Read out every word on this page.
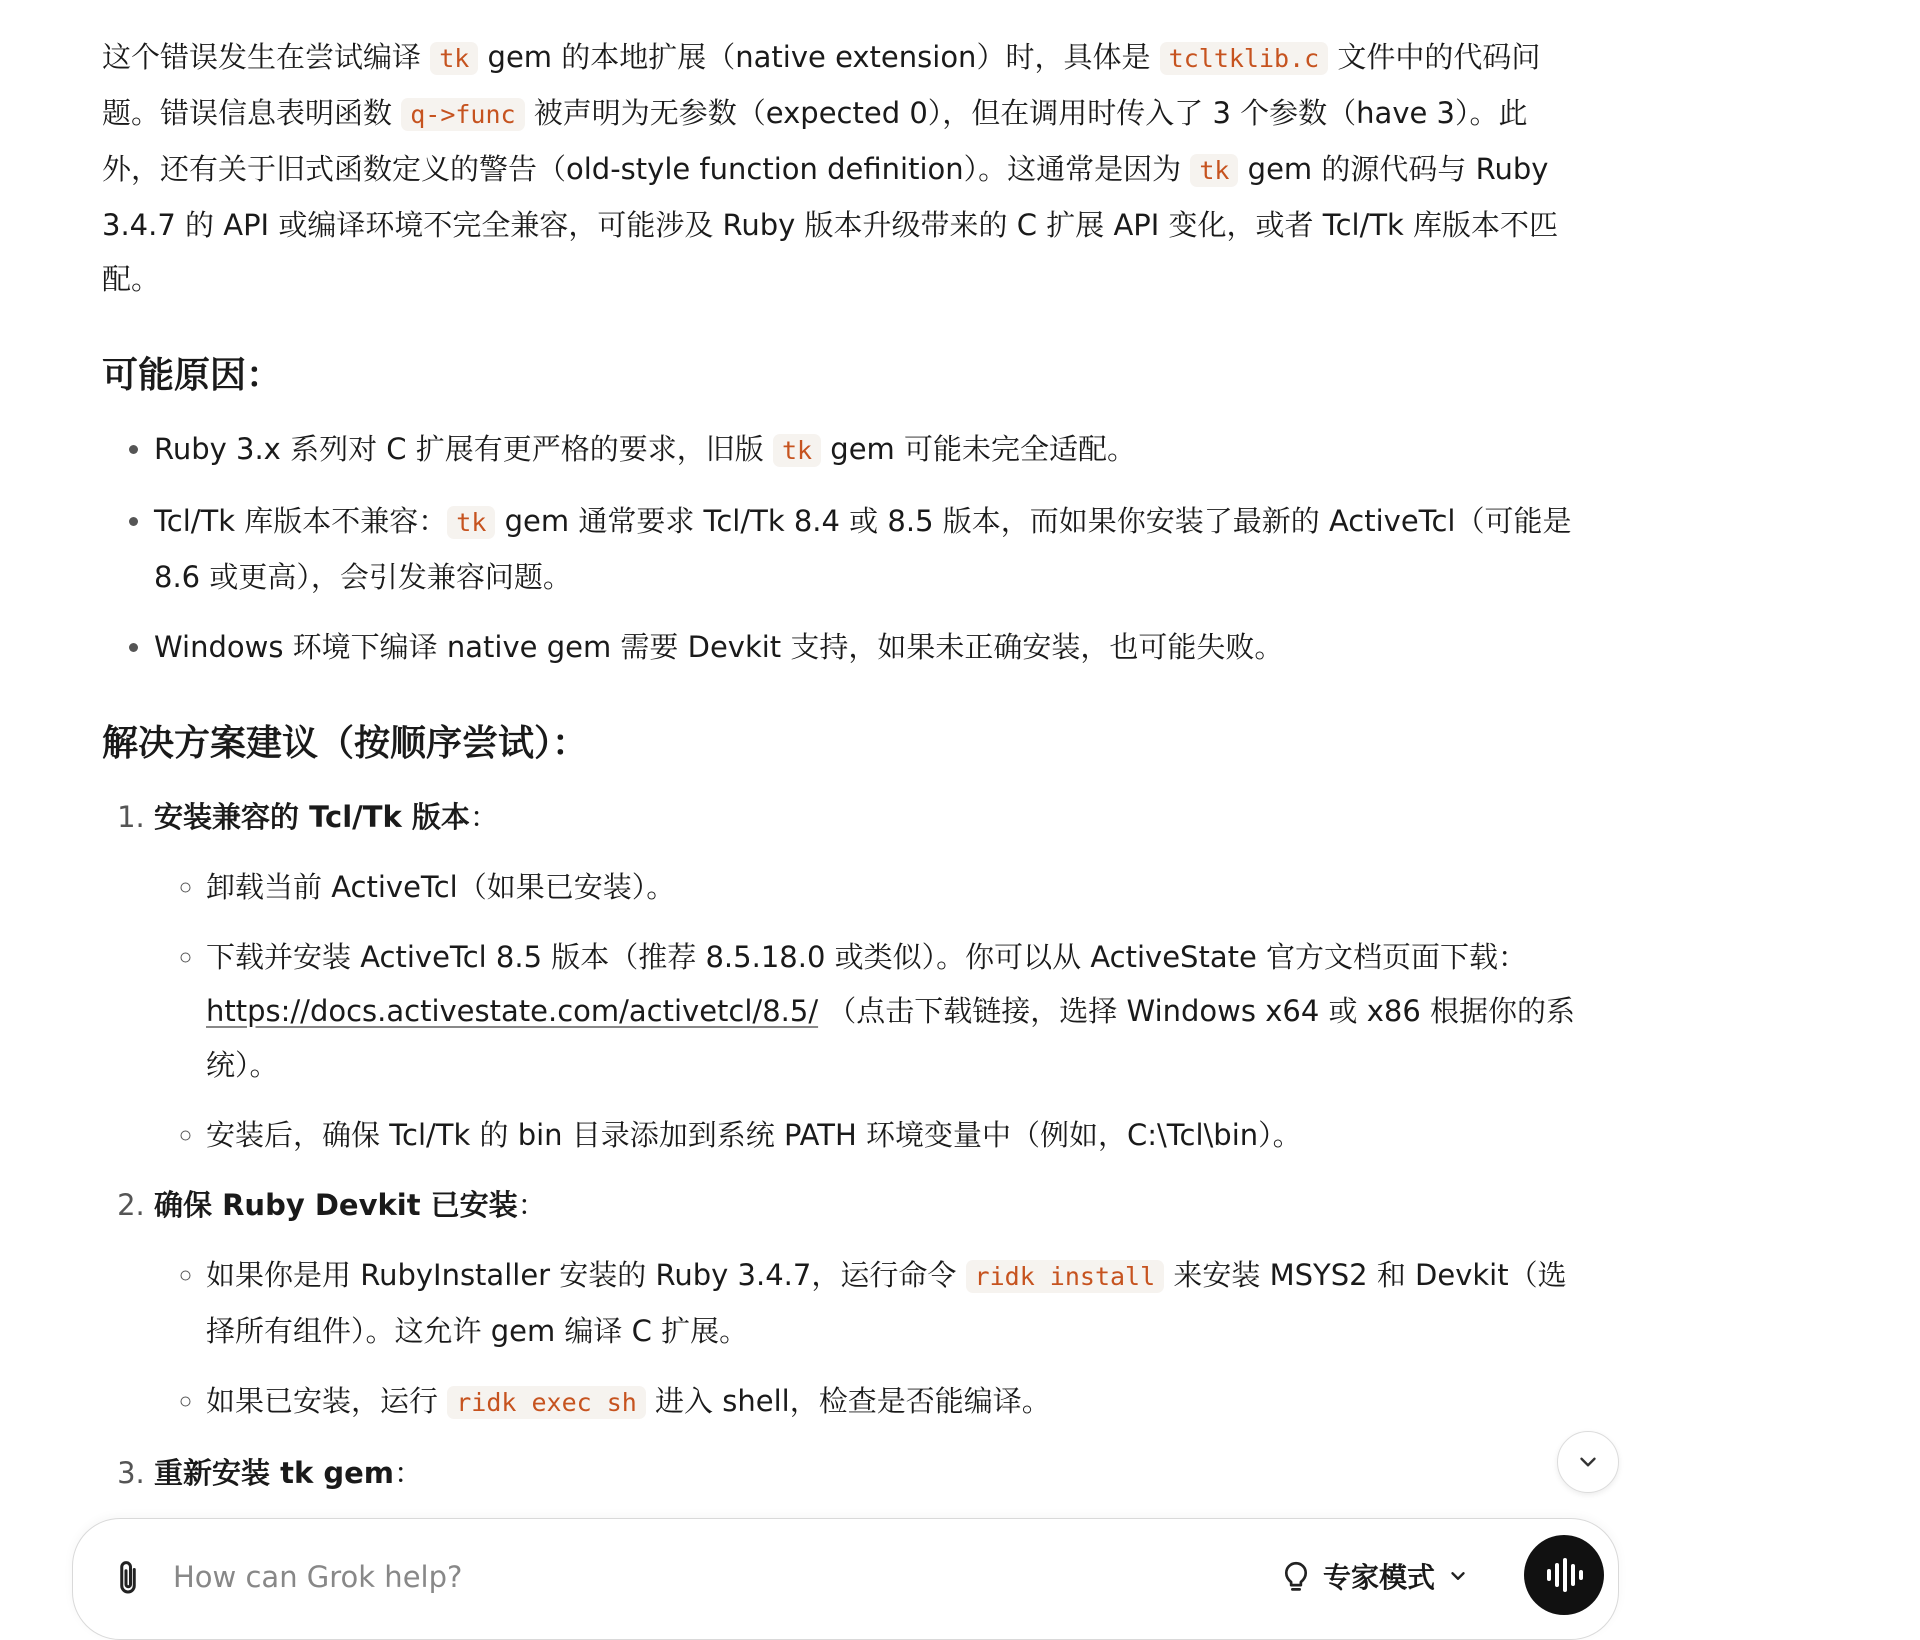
这个错误发生在尝试编译 tk gem 的本地扩展（native extension）时，具体是 tcltklib.c 文件中的代码问题。错误信息表明函数 q->func 被声明为无参数（expected 0），但在调用时传入了 3 个参数（have 3）。此外，还有关于旧式函数定义的警告（old-style function definition）。这通常是因为 tk gem 的源代码与 Ruby 3.4.7 的 API 或编译环境不完全兼容，可能涉及 Ruby 版本升级带来的 C 扩展 API 变化，或者 Tcl/Tk 库版本不匹配。

可能原因：
• Ruby 3.x 系列对 C 扩展有更严格的要求，旧版 tk gem 可能未完全适配。
• Tcl/Tk 库版本不兼容： tk gem 通常要求 Tcl/Tk 8.4 或 8.5 版本，而如果你安装了最新的 ActiveTcl（可能是 8.6 或更高），会引发兼容问题。
• Windows 环境下编译 native gem 需要 Devkit 支持，如果未正确安装，也可能失败。
解决方案建议（按顺序尝试）：
1. 安装兼容的 Tcl/Tk 版本：
◦ 卸载当前 ActiveTcl（如果已安装）。
◦ 下载并安装 ActiveTcl 8.5 版本（推荐 8.5.18.0 或类似）。你可以从 ActiveState 官方文档页面下载：
https://docs.activestate.com/activetcl/8.5/ （点击下载链接，选择 Windows x64 或 x86 根据你的系统）。
◦ 安装后，确保 Tcl/Tk 的 bin 目录添加到系统 PATH 环境变量中（例如，C:\Tcl\bin）。
2. 确保 Ruby Devkit 已安装：
◦ 如果你是用 RubyInstaller 安装的 Ruby 3.4.7，运行命令 ridk install 来安装 MSYS2 和 Devkit（选择所有组件）。这允许 gem 编译 C 扩展。
◦ 如果已安装，运行 ridk exec sh 进入 shell，检查是否能编译。
3. 重新安装 tk gem：
How can Grok help?
专家模式
